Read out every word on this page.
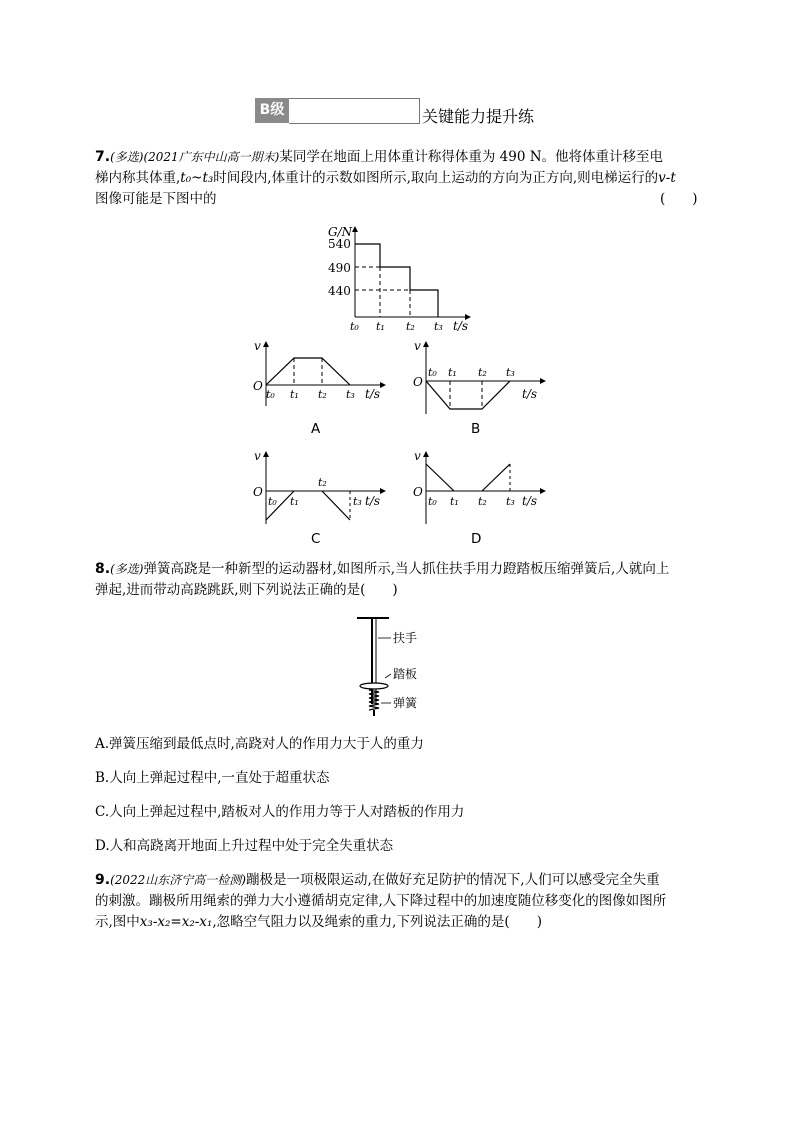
B级	关键能力提升练
7.(多选)(2021广东中山高一期末)某同学在地面上用体重计称得体重为 490 N。他将体重计移至电
梯内称其体重,t₀~t₃时间段内,体重计的示数如图所示,取向上运动的方向为正方向,则电梯运行的v-t
图像可能是下图中的	(　　)
G/N
540
490
440
t₀ t₁ t₂ t₃ t/s
v
O
t₀ t₁ t₂ t₃ t/s
A
v
O
t₀ t₁ t₂ t₃
t/s
B
v
O
t₀ t₁
t₂
t₃ t/s
C
v
O
t₀ t₁ t₂ t₃ t/s
D
8.(多选)弹簧高跷是一种新型的运动器材,如图所示,当人抓住扶手用力蹬踏板压缩弹簧后,人就向上
弹起,进而带动高跷跳跃,则下列说法正确的是(　　)
扶手
踏板
弹簧
A.弹簧压缩到最低点时,高跷对人的作用力大于人的重力
B.人向上弹起过程中,一直处于超重状态
C.人向上弹起过程中,踏板对人的作用力等于人对踏板的作用力
D.人和高跷离开地面上升过程中处于完全失重状态
9.(2022山东济宁高一检测)蹦极是一项极限运动,在做好充足防护的情况下,人们可以感受完全失重
的刺激。蹦极所用绳索的弹力大小遵循胡克定律,人下降过程中的加速度随位移变化的图像如图所
示,图中x₃-x₂=x₂-x₁,忽略空气阻力以及绳索的重力,下列说法正确的是(　　)
